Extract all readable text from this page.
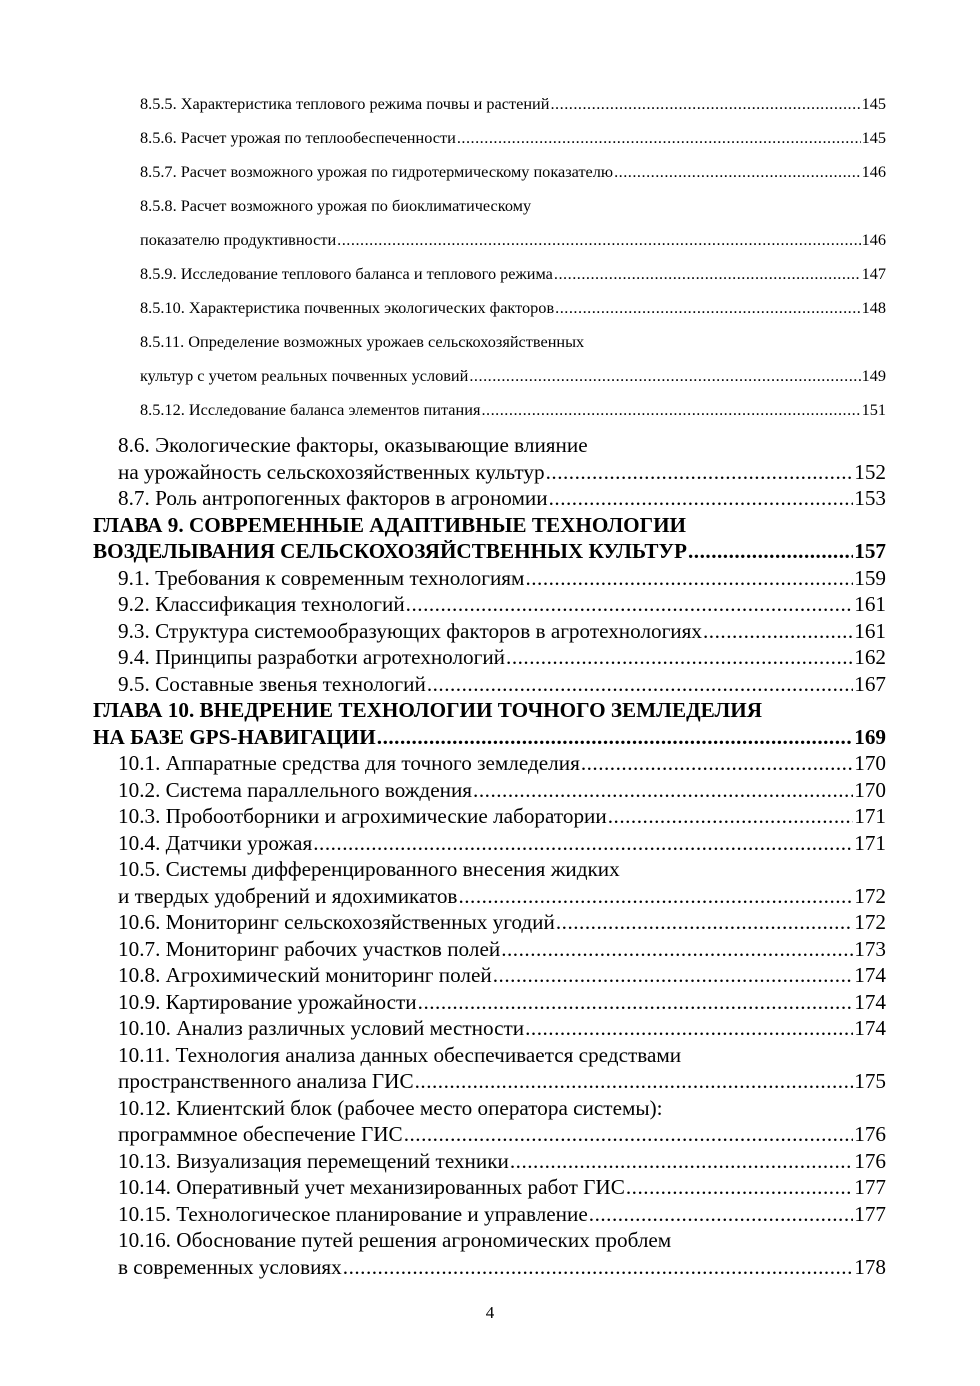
8.5.5. Характеристика теплового режима почвы и растений .....	145
8.5.6. Расчет урожая по теплообеспеченности .....	145
8.5.7. Расчет возможного урожая по гидротермическому показателю .....	146
8.5.8. Расчет возможного урожая по биоклиматическому
показателю продуктивности .....	146
8.5.9. Исследование теплового баланса и теплового режима .....	147
8.5.10. Характеристика почвенных экологических факторов .....	148
8.5.11. Определение возможных урожаев сельскохозяйственных
культур с учетом реальных почвенных условий .....	149
8.5.12. Исследование баланса элементов питания .....	151
8.6. Экологические факторы, оказывающие влияние
на урожайность сельскохозяйственных культур .....	152
8.7. Роль антропогенных факторов в агрономии .....	153
ГЛАВА 9. СОВРЕМЕННЫЕ АДАПТИВНЫЕ ТЕХНОЛОГИИ
ВОЗДЕЛЫВАНИЯ СЕЛЬСКОХОЗЯЙСТВЕННЫХ КУЛЬТУР .....	157
9.1. Требования к современным технологиям .....	159
9.2. Классификация технологий .....	161
9.3. Структура системообразующих факторов в агротехнологиях .....	161
9.4. Принципы разработки агротехнологий .....	162
9.5. Составные звенья технологий .....	167
ГЛАВА 10. ВНЕДРЕНИЕ ТЕХНОЛОГИИ ТОЧНОГО ЗЕМЛЕДЕЛИЯ
НА БАЗЕ GPS-НАВИГАЦИИ .....	169
10.1. Аппаратные средства для точного земледелия .....	170
10.2. Система параллельного вождения .....	170
10.3. Пробоотборники и агрохимические лаборатории .....	171
10.4. Датчики урожая .....	171
10.5. Системы дифференцированного внесения жидких
и твердых удобрений и ядохимикатов .....	172
10.6. Мониторинг сельскохозяйственных угодий .....	172
10.7. Мониторинг рабочих участков полей .....	173
10.8. Агрохимический мониторинг полей .....	174
10.9. Картирование урожайности .....	174
10.10. Анализ различных условий местности .....	174
10.11. Технология анализа данных обеспечивается средствами
пространственного анализа ГИС .....	175
10.12. Клиентский блок (рабочее место оператора системы):
программное обеспечение ГИС .....	176
10.13. Визуализация перемещений техники .....	176
10.14. Оперативный учет механизированных работ ГИС .....	177
10.15. Технологическое планирование и управление .....	177
10.16. Обоснование путей решения агрономических проблем
в современных условиях .....	178
4
